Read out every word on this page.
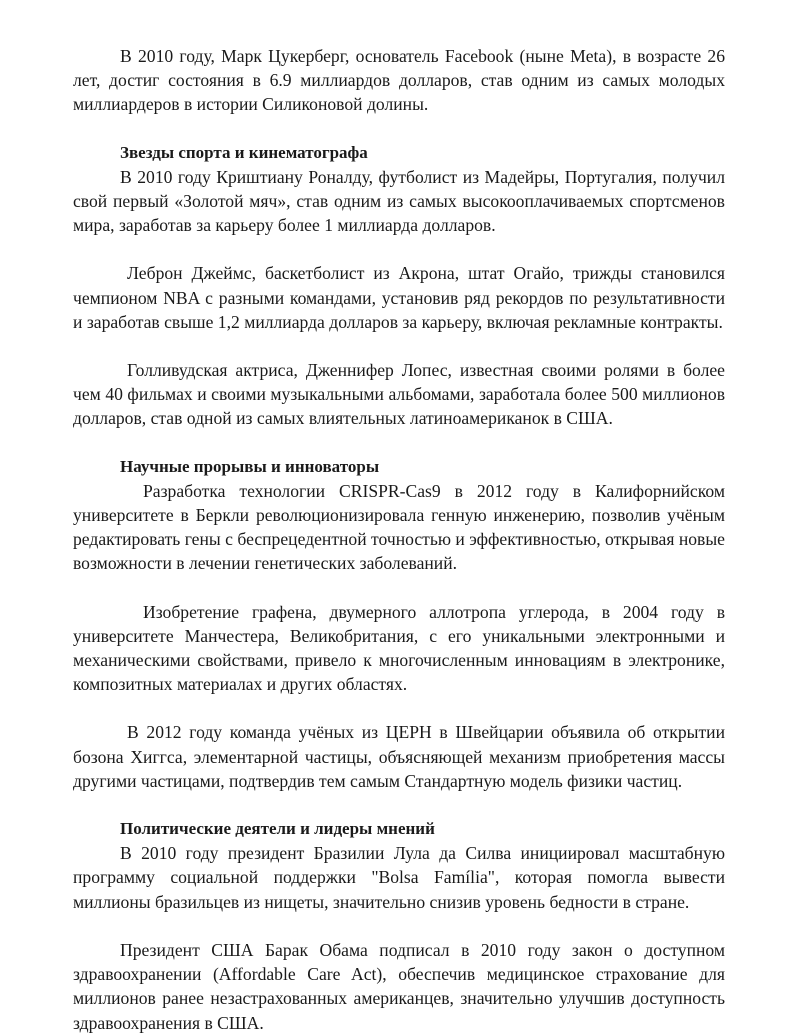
В 2010 году, Марк Цукерберг, основатель Facebook (ныне Meta), в возрасте 26 лет, достиг состояния в 6.9 миллиардов долларов, став одним из самых молодых миллиардеров в истории Силиконовой долины.

Звезды спорта и кинематографа

В 2010 году Криштиану Роналду, футболист из Мадейры, Португалия, получил свой первый «Золотой мяч», став одним из самых высокооплачиваемых спортсменов мира, заработав за карьеру более 1 миллиарда долларов.

Леброн Джеймс, баскетболист из Акрона, штат Огайо, трижды становился чемпионом NBA с разными командами, установив ряд рекордов по результативности и заработав свыше 1,2 миллиарда долларов за карьеру, включая рекламные контракты.

Голливудская актриса, Дженнифер Лопес, известная своими ролями в более чем 40 фильмах и своими музыкальными альбомами, заработала более 500 миллионов долларов, став одной из самых влиятельных латиноамериканок в США.

Научные прорывы и инноваторы

Разработка технологии CRISPR-Cas9 в 2012 году в Калифорнийском университете в Беркли революционизировала генную инженерию, позволив учёным редактировать гены с беспрецедентной точностью и эффективностью, открывая новые возможности в лечении генетических заболеваний.

Изобретение графена, двумерного аллотропа углерода, в 2004 году в университете Манчестера, Великобритания, с его уникальными электронными и механическими свойствами, привело к многочисленным инновациям в электронике, композитных материалах и других областях.

В 2012 году команда учёных из ЦЕРН в Швейцарии объявила об открытии бозона Хиггса, элементарной частицы, объясняющей механизм приобретения массы другими частицами, подтвердив тем самым Стандартную модель физики частиц.

Политические деятели и лидеры мнений

В 2010 году президент Бразилии Лула да Силва инициировал масштабную программу социальной поддержки "Bolsa Família", которая помогла вывести миллионы бразильцев из нищеты, значительно снизив уровень бедности в стране.

Президент США Барак Обама подписал в 2010 году закон о доступном здравоохранении (Affordable Care Act), обеспечив медицинское страхование для миллионов ранее незастрахованных американцев, значительно улучшив доступность здравоохранения в США.
